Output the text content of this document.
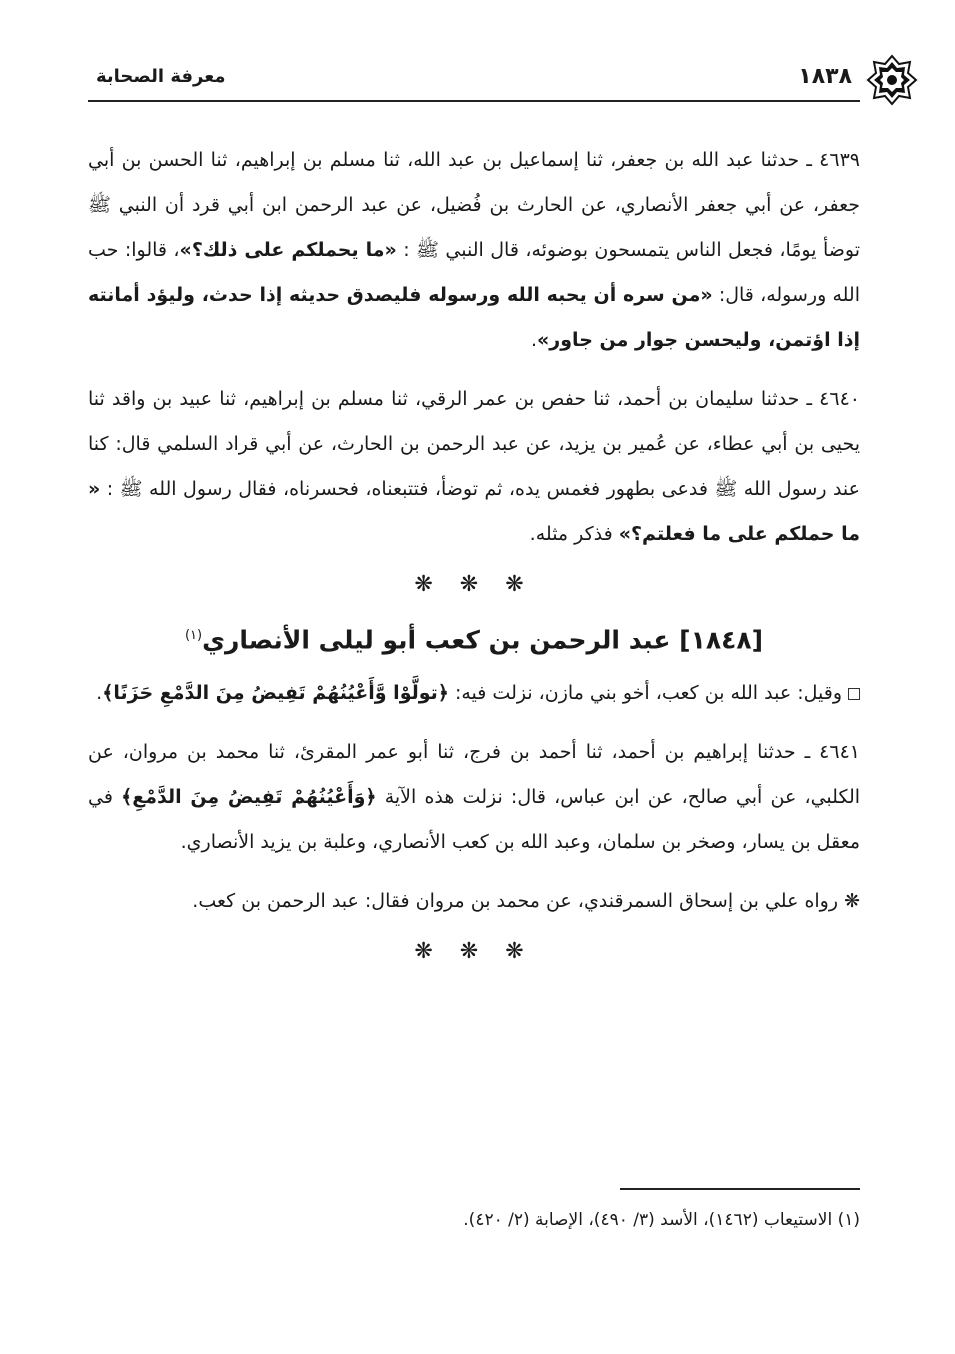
١٨٣٨
معرفة الصحابة

٤٦٣٩ ـ حدثنا عبد الله بن جعفر، ثنا إسماعيل بن عبد الله، ثنا مسلم بن إبراهيم، ثنا الحسن بن أبي جعفر، عن أبي جعفر الأنصاري، عن الحارث بن فُضيل، عن عبد الرحمن ابن أبي قرد أن النبي ﷺ توضأ يومًا، فجعل الناس يتمسحون بوضوئه، قال النبي ﷺ : «ما يحملكم على ذلك؟»، قالوا: حب الله ورسوله، قال: «من سره أن يحبه الله ورسوله فليصدق حديثه إذا حدث، وليؤد أمانته إذا اؤتمن، وليحسن جوار من جاور».

٤٦٤٠ ـ حدثنا سليمان بن أحمد، ثنا حفص بن عمر الرقي، ثنا مسلم بن إبراهيم، ثنا عبيد بن واقد ثنا يحيى بن أبي عطاء، عن عُمير بن يزيد، عن عبد الرحمن بن الحارث، عن أبي قراد السلمي قال: كنا عند رسول الله ﷺ فدعى بطهور فغمس يده، ثم توضأ، فتتبعناه، فحسرناه، فقال رسول الله ﷺ : « ما حملكم على ما فعلتم؟» فذكر مثله.

❋ ❋ ❋
[١٨٤٨] عبد الرحمن بن كعب أبو ليلى الأنصاري$^{(١)}$

وقيل: عبد الله بن كعب، أخو بني مازن، نزلت فيه: ﴿تولَّوْا وَّأَعْيُنُهُمْ تَفِيضُ مِنَ الدَّمْعِ حَزَنًا﴾.

٤٦٤١ ـ حدثنا إبراهيم بن أحمد، ثنا أحمد بن فرج، ثنا أبو عمر المقرئ، ثنا محمد بن مروان، عن الكلبي، عن أبي صالح، عن ابن عباس، قال: نزلت هذه الآية ﴿وَأَعْيُنُهُمْ تَفِيضُ مِنَ الدَّمْعِ﴾ في معقل بن يسار، وصخر بن سلمان، وعبد الله بن كعب الأنصاري، وعلبة بن يزيد الأنصاري.

❋ رواه علي بن إسحاق السمرقندي، عن محمد بن مروان فقال: عبد الرحمن بن كعب.

❋ ❋ ❋

(١) الاستيعاب (١٤٦٢)، الأسد (٣/ ٤٩٠)، الإصابة (٢/ ٤٢٠).
